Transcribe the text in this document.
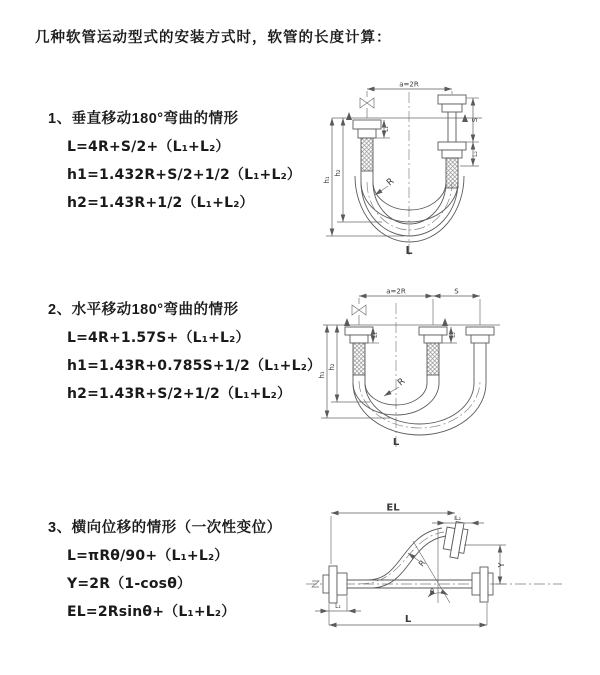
几种软管运动型式的安装方式时，软管的长度计算：
1、垂直移动180°弯曲的情形

L=4R+S/2+（L₁+L₂）

h1=1.432R+S/2+1/2（L₁+L₂）

h2=1.43R+1/2（L₁+L₂）

2、水平移动180°弯曲的情形

L=4R+1.57S+（L₁+L₂）

h1=1.43R+0.785S+1/2（L₁+L₂）

h2=1.43R+S/2+1/2（L₁+L₂）

3、横向位移的情形（一次性变位）

L=πRθ/90+（L₁+L₂）

Y=2R（1-cosθ）

EL=2Rsinθ+（L₁+L₂）

a=2R
R
h₁
h₂
L₁
S
L₂
L
a=2R	S
R
h₁
h₂
L₁	L₂
L
EL
L₂
Y
L
L₁
R
θ
